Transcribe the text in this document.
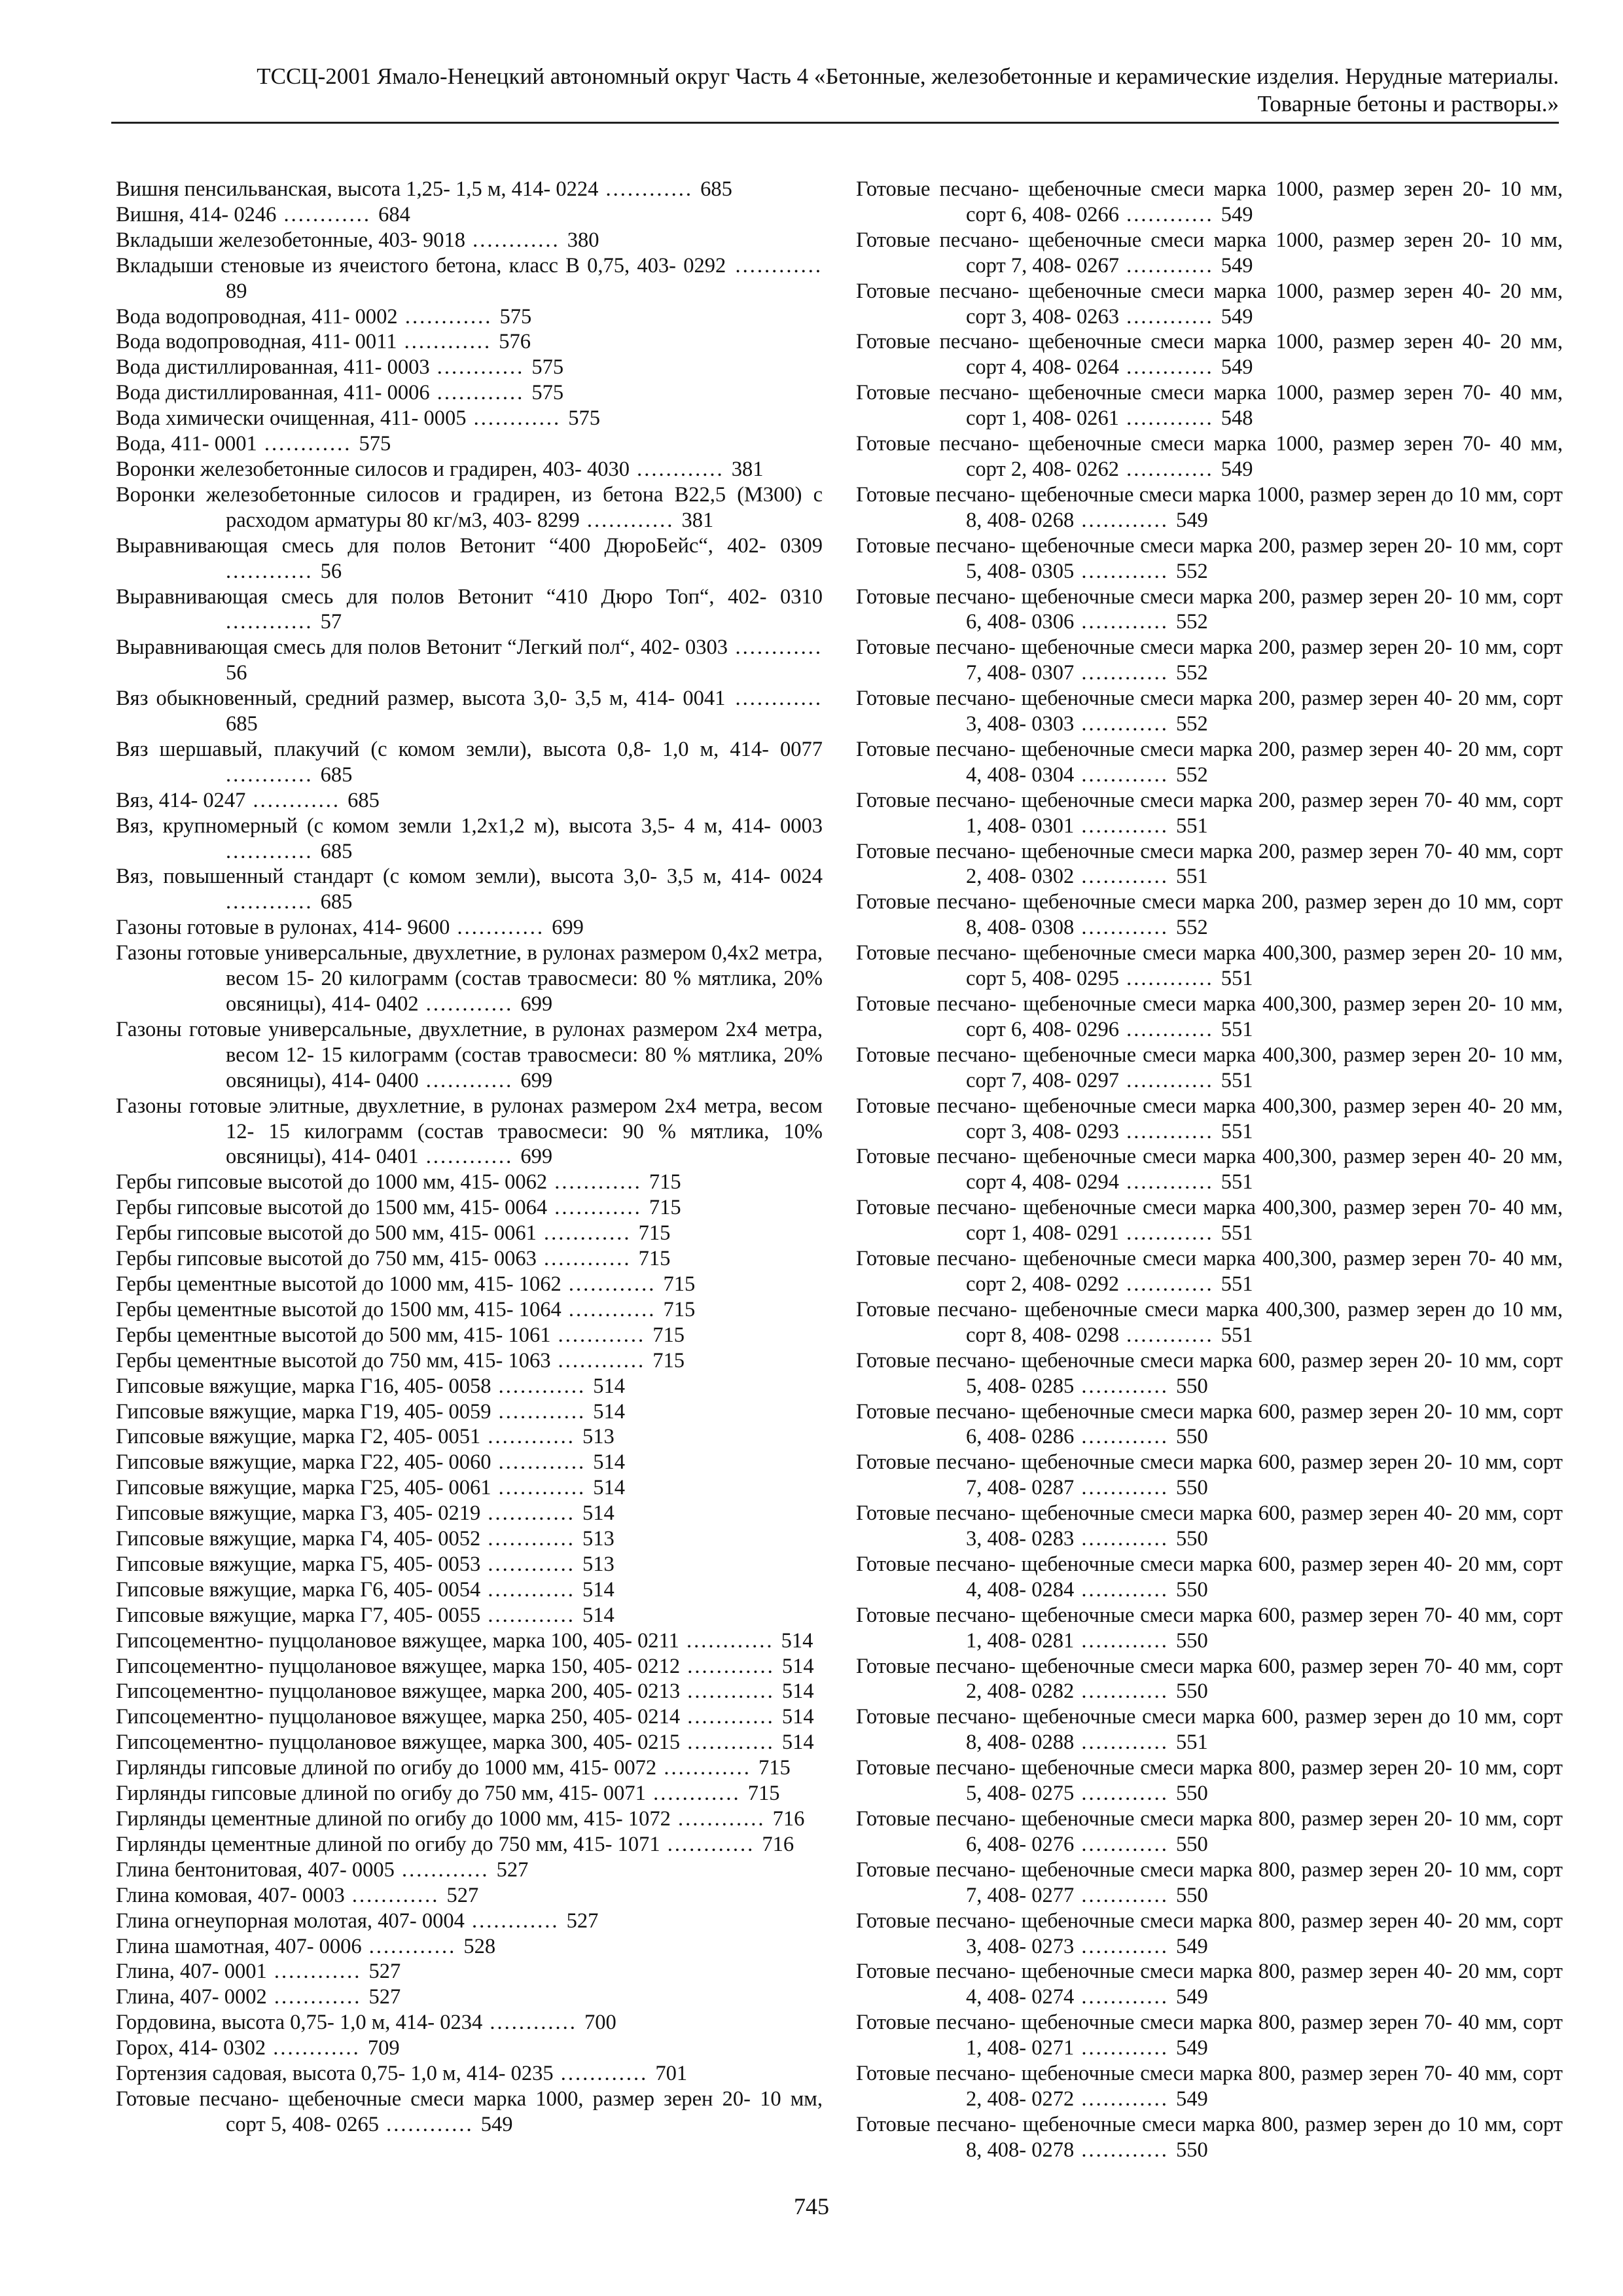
ТССЦ-2001 Ямало-Ненецкий автономный округ Часть 4 «Бетонные, железобетонные и керамические изделия. Нерудные материалы.
Товарные бетоны и растворы.»
Вишня пенсильванская, высота 1,25- 1,5 м, 414- 0224 ............ 685
Вишня, 414- 0246 ............ 684
Вкладыши железобетонные, 403- 9018 ............ 380
Вкладыши стеновые из ячеистого бетона, класс В 0,75, 403- 0292 ............ 89
Вода водопроводная, 411- 0002 ............ 575
Вода водопроводная, 411- 0011 ............ 576
Вода дистиллированная, 411- 0003 ............ 575
Вода дистиллированная, 411- 0006 ............ 575
Вода химически очищенная, 411- 0005 ............ 575
Вода, 411- 0001 ............ 575
Воронки железобетонные силосов и градирен, 403- 4030 ............ 381
Воронки железобетонные силосов и градирен, из бетона В22,5 (М300) с расходом арматуры 80 кг/м3, 403- 8299 ............ 381
Выравнивающая смесь для полов Ветонит “400 ДюроБейс“, 402- 0309 ............ 56
Выравнивающая смесь для полов Ветонит “410 Дюро Топ“, 402- 0310 ............ 57
Выравнивающая смесь для полов Ветонит “Легкий пол“, 402- 0303 ............ 56
Вяз обыкновенный, средний размер, высота 3,0- 3,5 м, 414- 0041 ............ 685
Вяз шершавый, плакучий (с комом земли), высота 0,8- 1,0 м, 414- 0077 ............ 685
Вяз, 414- 0247 ............ 685
Вяз, крупномерный (с комом земли 1,2х1,2 м), высота 3,5- 4 м, 414- 0003 ............ 685
Вяз, повышенный стандарт (с комом земли), высота 3,0- 3,5 м, 414- 0024 ............ 685
Газоны готовые в рулонах, 414- 9600 ............ 699
Газоны готовые универсальные, двухлетние, в рулонах размером 0,4х2 метра, весом 15- 20 килограмм (состав травосмеси: 80 % мятлика, 20% овсяницы), 414- 0402 ............ 699
Газоны готовые универсальные, двухлетние, в рулонах размером 2х4 метра, весом 12- 15 килограмм (состав травосмеси: 80 % мятлика, 20% овсяницы), 414- 0400 ............ 699
Газоны готовые элитные, двухлетние, в рулонах размером 2х4 метра, весом 12- 15 килограмм (состав травосмеси: 90 % мятлика, 10% овсяницы), 414- 0401 ............ 699
Гербы гипсовые высотой до 1000 мм, 415- 0062 ............ 715
Гербы гипсовые высотой до 1500 мм, 415- 0064 ............ 715
Гербы гипсовые высотой до 500 мм, 415- 0061 ............ 715
Гербы гипсовые высотой до 750 мм, 415- 0063 ............ 715
Гербы цементные высотой до 1000 мм, 415- 1062 ............ 715
Гербы цементные высотой до 1500 мм, 415- 1064 ............ 715
Гербы цементные высотой до 500 мм, 415- 1061 ............ 715
Гербы цементные высотой до 750 мм, 415- 1063 ............ 715
Гипсовые вяжущие, марка Г16, 405- 0058 ............ 514
Гипсовые вяжущие, марка Г19, 405- 0059 ............ 514
Гипсовые вяжущие, марка Г2, 405- 0051 ............ 513
Гипсовые вяжущие, марка Г22, 405- 0060 ............ 514
Гипсовые вяжущие, марка Г25, 405- 0061 ............ 514
Гипсовые вяжущие, марка Г3, 405- 0219 ............ 514
Гипсовые вяжущие, марка Г4, 405- 0052 ............ 513
Гипсовые вяжущие, марка Г5, 405- 0053 ............ 513
Гипсовые вяжущие, марка Г6, 405- 0054 ............ 514
Гипсовые вяжущие, марка Г7, 405- 0055 ............ 514
Гипсоцементно- пуццолановое вяжущее, марка 100, 405- 0211 ............ 514
Гипсоцементно- пуццолановое вяжущее, марка 150, 405- 0212 ............ 514
Гипсоцементно- пуццолановое вяжущее, марка 200, 405- 0213 ............ 514
Гипсоцементно- пуццолановое вяжущее, марка 250, 405- 0214 ............ 514
Гипсоцементно- пуццолановое вяжущее, марка 300, 405- 0215 ............ 514
Гирлянды гипсовые длиной по огибу до 1000 мм, 415- 0072 ............ 715
Гирлянды гипсовые длиной по огибу до 750 мм, 415- 0071 ............ 715
Гирлянды цементные длиной по огибу до 1000 мм, 415- 1072 ............ 716
Гирлянды цементные длиной по огибу до 750 мм, 415- 1071 ............ 716
Глина бентонитовая, 407- 0005 ............ 527
Глина комовая, 407- 0003 ............ 527
Глина огнеупорная молотая, 407- 0004 ............ 527
Глина шамотная, 407- 0006 ............ 528
Глина, 407- 0001 ............ 527
Глина, 407- 0002 ............ 527
Гордовина, высота 0,75- 1,0 м, 414- 0234 ............ 700
Горох, 414- 0302 ............ 709
Гортензия садовая, высота 0,75- 1,0 м, 414- 0235 ............ 701
Готовые песчано- щебеночные смеси марка 1000, размер зерен 20- 10 мм, сорт 5, 408- 0265 ............ 549
Готовые песчано- щебеночные смеси марка 1000, размер зерен 20- 10 мм, сорт 6, 408- 0266 ............ 549
Готовые песчано- щебеночные смеси марка 1000, размер зерен 20- 10 мм, сорт 7, 408- 0267 ............ 549
Готовые песчано- щебеночные смеси марка 1000, размер зерен 40- 20 мм, сорт 3, 408- 0263 ............ 549
Готовые песчано- щебеночные смеси марка 1000, размер зерен 40- 20 мм, сорт 4, 408- 0264 ............ 549
Готовые песчано- щебеночные смеси марка 1000, размер зерен 70- 40 мм, сорт 1, 408- 0261 ............ 548
Готовые песчано- щебеночные смеси марка 1000, размер зерен 70- 40 мм, сорт 2, 408- 0262 ............ 549
Готовые песчано- щебеночные смеси марка 1000, размер зерен до 10 мм, сорт 8, 408- 0268 ............ 549
Готовые песчано- щебеночные смеси марка 200, размер зерен 20- 10 мм, сорт 5, 408- 0305 ............ 552
Готовые песчано- щебеночные смеси марка 200, размер зерен 20- 10 мм, сорт 6, 408- 0306 ............ 552
Готовые песчано- щебеночные смеси марка 200, размер зерен 20- 10 мм, сорт 7, 408- 0307 ............ 552
Готовые песчано- щебеночные смеси марка 200, размер зерен 40- 20 мм, сорт 3, 408- 0303 ............ 552
Готовые песчано- щебеночные смеси марка 200, размер зерен 40- 20 мм, сорт 4, 408- 0304 ............ 552
Готовые песчано- щебеночные смеси марка 200, размер зерен 70- 40 мм, сорт 1, 408- 0301 ............ 551
Готовые песчано- щебеночные смеси марка 200, размер зерен 70- 40 мм, сорт 2, 408- 0302 ............ 551
Готовые песчано- щебеночные смеси марка 200, размер зерен до 10 мм, сорт 8, 408- 0308 ............ 552
Готовые песчано- щебеночные смеси марка 400,300, размер зерен 20- 10 мм, сорт 5, 408- 0295 ............ 551
Готовые песчано- щебеночные смеси марка 400,300, размер зерен 20- 10 мм, сорт 6, 408- 0296 ............ 551
Готовые песчано- щебеночные смеси марка 400,300, размер зерен 20- 10 мм, сорт 7, 408- 0297 ............ 551
Готовые песчано- щебеночные смеси марка 400,300, размер зерен 40- 20 мм, сорт 3, 408- 0293 ............ 551
Готовые песчано- щебеночные смеси марка 400,300, размер зерен 40- 20 мм, сорт 4, 408- 0294 ............ 551
Готовые песчано- щебеночные смеси марка 400,300, размер зерен 70- 40 мм, сорт 1, 408- 0291 ............ 551
Готовые песчано- щебеночные смеси марка 400,300, размер зерен 70- 40 мм, сорт 2, 408- 0292 ............ 551
Готовые песчано- щебеночные смеси марка 400,300, размер зерен до 10 мм, сорт 8, 408- 0298 ............ 551
Готовые песчано- щебеночные смеси марка 600, размер зерен 20- 10 мм, сорт 5, 408- 0285 ............ 550
Готовые песчано- щебеночные смеси марка 600, размер зерен 20- 10 мм, сорт 6, 408- 0286 ............ 550
Готовые песчано- щебеночные смеси марка 600, размер зерен 20- 10 мм, сорт 7, 408- 0287 ............ 550
Готовые песчано- щебеночные смеси марка 600, размер зерен 40- 20 мм, сорт 3, 408- 0283 ............ 550
Готовые песчано- щебеночные смеси марка 600, размер зерен 40- 20 мм, сорт 4, 408- 0284 ............ 550
Готовые песчано- щебеночные смеси марка 600, размер зерен 70- 40 мм, сорт 1, 408- 0281 ............ 550
Готовые песчано- щебеночные смеси марка 600, размер зерен 70- 40 мм, сорт 2, 408- 0282 ............ 550
Готовые песчано- щебеночные смеси марка 600, размер зерен до 10 мм, сорт 8, 408- 0288 ............ 551
Готовые песчано- щебеночные смеси марка 800, размер зерен 20- 10 мм, сорт 5, 408- 0275 ............ 550
Готовые песчано- щебеночные смеси марка 800, размер зерен 20- 10 мм, сорт 6, 408- 0276 ............ 550
Готовые песчано- щебеночные смеси марка 800, размер зерен 20- 10 мм, сорт 7, 408- 0277 ............ 550
Готовые песчано- щебеночные смеси марка 800, размер зерен 40- 20 мм, сорт 3, 408- 0273 ............ 549
Готовые песчано- щебеночные смеси марка 800, размер зерен 40- 20 мм, сорт 4, 408- 0274 ............ 549
Готовые песчано- щебеночные смеси марка 800, размер зерен 70- 40 мм, сорт 1, 408- 0271 ............ 549
Готовые песчано- щебеночные смеси марка 800, размер зерен 70- 40 мм, сорт 2, 408- 0272 ............ 549
Готовые песчано- щебеночные смеси марка 800, размер зерен до 10 мм, сорт 8, 408- 0278 ............ 550
745
